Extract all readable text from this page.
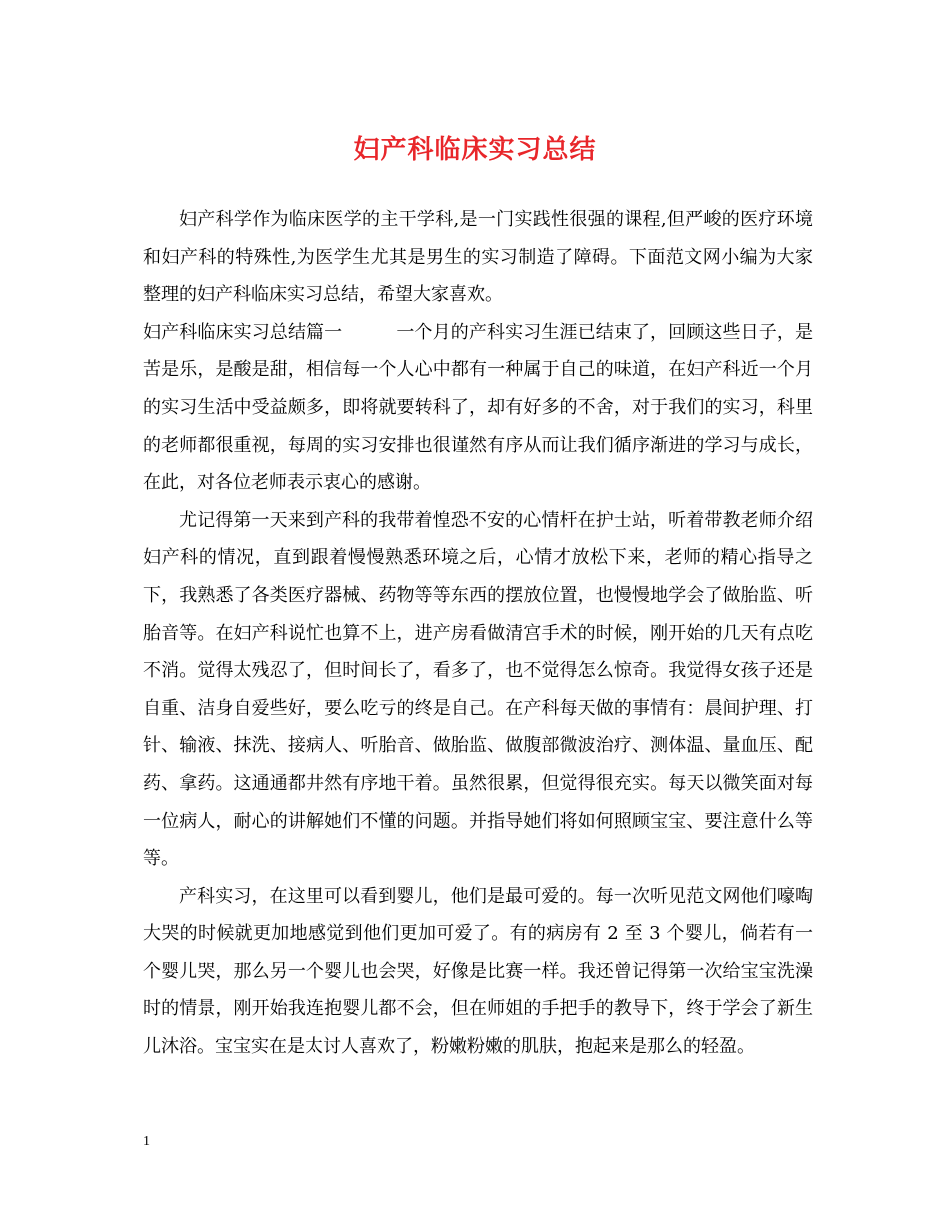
妇产科临床实习总结

妇产科学作为临床医学的主干学科,是一门实践性很强的课程,但严峻的医疗环境和妇产科的特殊性,为医学生尤其是男生的实习制造了障碍。下面范文网小编为大家整理的妇产科临床实习总结，希望大家喜欢。

妇产科临床实习总结篇一	一个月的产科实习生涯已结束了，回顾这些日子，是苦是乐，是酸是甜，相信每一个人心中都有一种属于自己的味道，在妇产科近一个月的实习生活中受益颇多，即将就要转科了，却有好多的不舍，对于我们的实习，科里的老师都很重视，每周的实习安排也很谨然有序从而让我们循序渐进的学习与成长，在此，对各位老师表示衷心的感谢。

尤记得第一天来到产科的我带着惶恐不安的心情杆在护士站，听着带教老师介绍妇产科的情况，直到跟着慢慢熟悉环境之后，心情才放松下来，老师的精心指导之下，我熟悉了各类医疗器械、药物等等东西的摆放位置，也慢慢地学会了做胎监、听胎音等。在妇产科说忙也算不上，进产房看做清宫手术的时候，刚开始的几天有点吃不消。觉得太残忍了，但时间长了，看多了，也不觉得怎么惊奇。我觉得女孩子还是自重、洁身自爱些好，要么吃亏的终是自己。在产科每天做的事情有：晨间护理、打针、输液、抹洗、接病人、听胎音、做胎监、做腹部微波治疗、测体温、量血压、配药、拿药。这通通都井然有序地干着。虽然很累，但觉得很充实。每天以微笑面对每一位病人，耐心的讲解她们不懂的问题。并指导她们将如何照顾宝宝、要注意什么等等。

产科实习，在这里可以看到婴儿，他们是最可爱的。每一次听见范文网他们嚎啕大哭的时候就更加地感觉到他们更加可爱了。有的病房有 2 至 3 个婴儿，倘若有一个婴儿哭，那么另一个婴儿也会哭，好像是比赛一样。我还曾记得第一次给宝宝洗澡时的情景，刚开始我连抱婴儿都不会，但在师姐的手把手的教导下，终于学会了新生儿沐浴。宝宝实在是太讨人喜欢了，粉嫩粉嫩的肌肤，抱起来是那么的轻盈。

1
